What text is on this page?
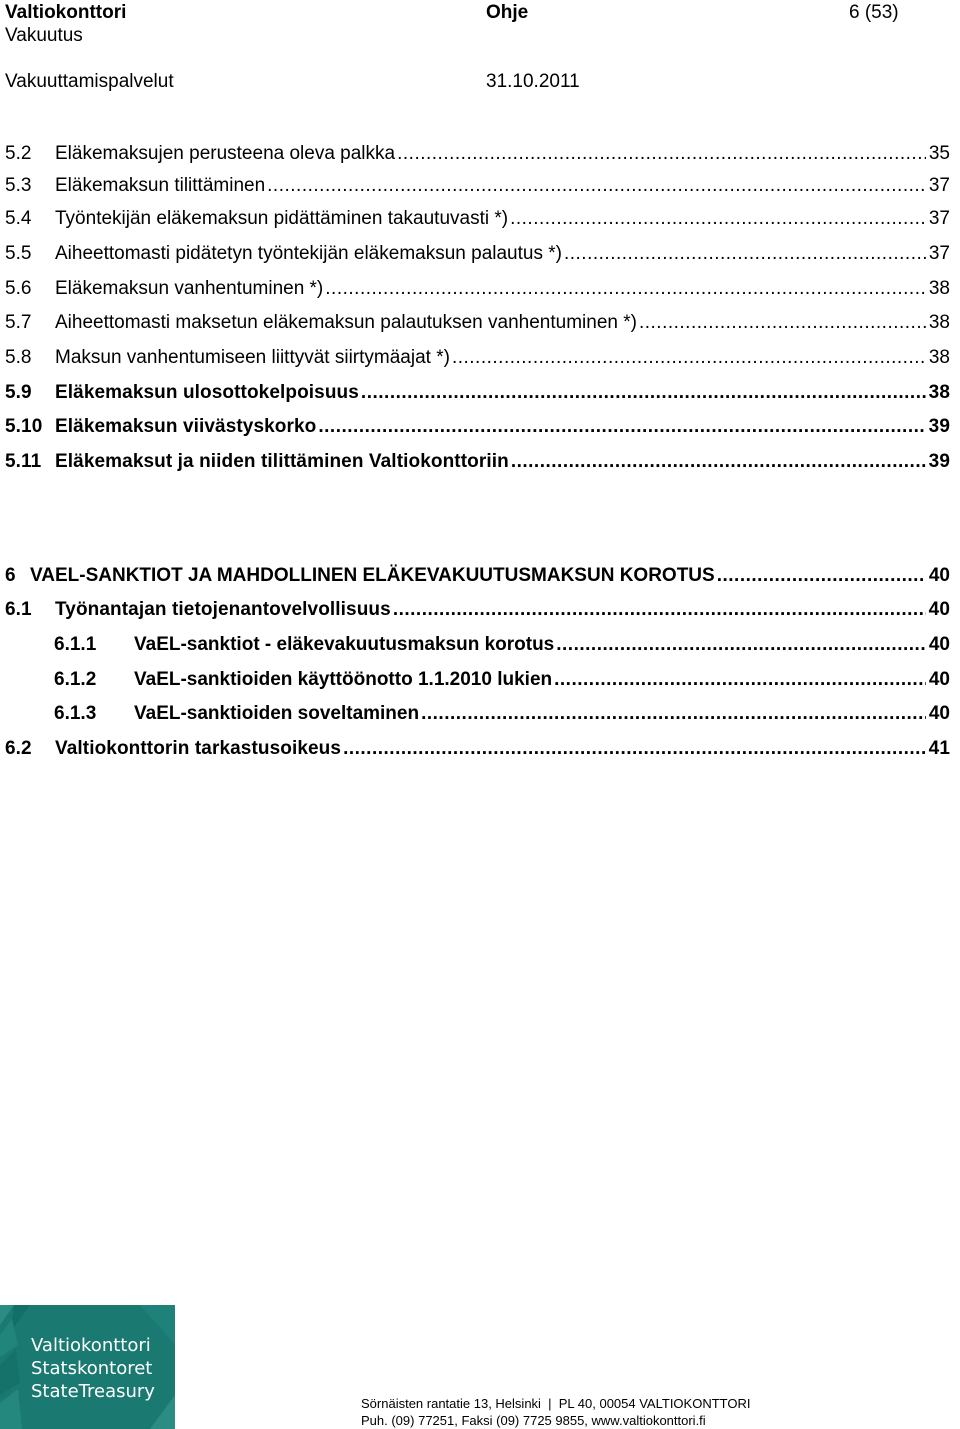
Valtiokonttori	Ohje	6 (53)
Vakuutus
Vakuuttamispalvelut	31.10.2011
5.2	Eläkemaksujen perusteena oleva palkka .....	35
5.3	Eläkemaksun tilittäminen .....	37
5.4	Työntekijän eläkemaksun pidättäminen takautuvasti *) .....	37
5.5	Aiheettomasti pidätetyn työntekijän eläkemaksun palautus *) .....	37
5.6	Eläkemaksun vanhentuminen *) .....	38
5.7	Aiheettomasti maksetun eläkemaksun palautuksen vanhentuminen *) .....	38
5.8	Maksun vanhentumiseen liittyvät siirtymäajat *) .....	38
5.9	Eläkemaksun ulosottokelpoisuus .....	38
5.10 Eläkemaksun viivästyskorko .....	39
5.11 Eläkemaksut ja niiden tilittäminen Valtiokonttoriin .....	39
6 VAEL-SANKTIOT JA MAHDOLLINEN ELÄKEVAKUUTUSMAKSUN KOROTUS .....	40
6.1	Työnantajan tietojenantovelvollisuus .....	40
6.1.1	VaEL-sanktiot - eläkevakuutusmaksun korotus .....	40
6.1.2	VaEL-sanktioiden käyttöönotto 1.1.2010 lukien .....	40
6.1.3	VaEL-sanktioiden soveltaminen .....	40
6.2	Valtiokonttorin tarkastusoikeus .....	41
Valtiokonttori
Statskontoret
StateTreasury
Sörnäisten rantatie 13, Helsinki  |  PL 40, 00054 VALTIOKONTTORI
Puh. (09) 77251, Faksi (09) 7725 9855, www.valtiokonttori.fi
